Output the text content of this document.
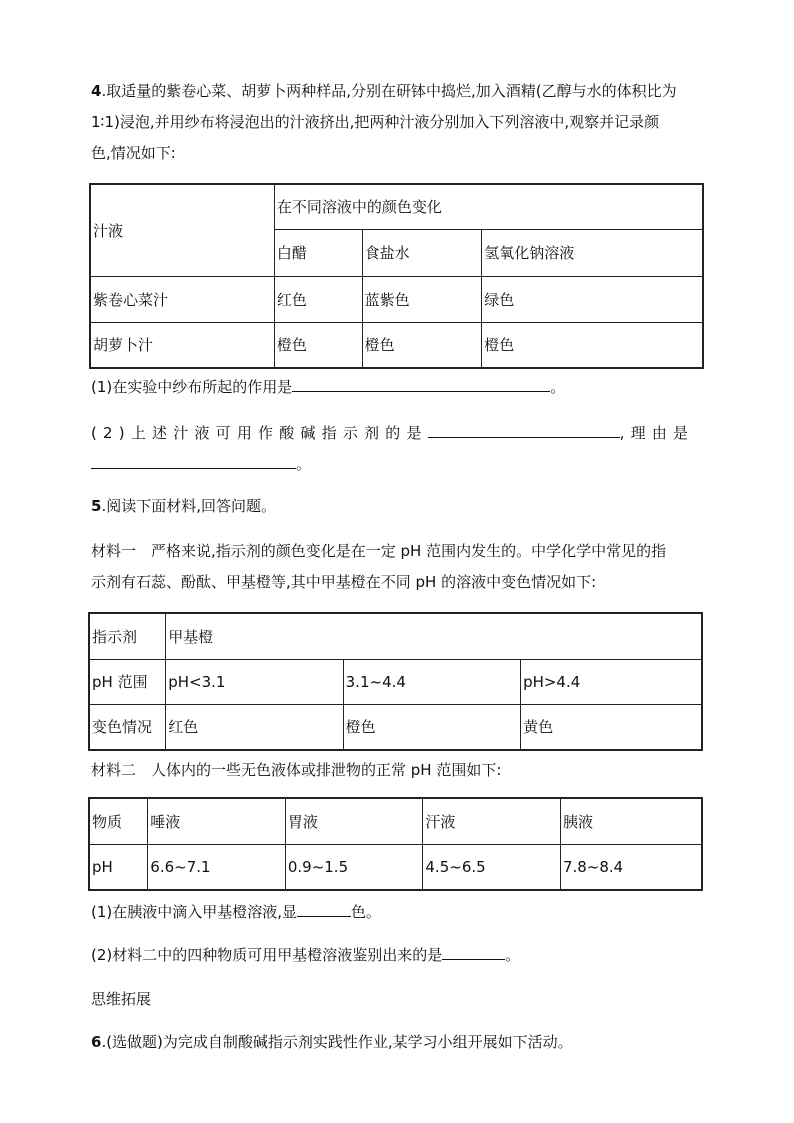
4.取适量的紫卷心菜、胡萝卜两种样品,分别在研钵中捣烂,加入酒精(乙醇与水的体积比为

1∶1)浸泡,并用纱布将浸泡出的汁液挤出,把两种汁液分别加入下列溶液中,观察并记录颜

色,情况如下:

汁液	在不同溶液中的颜色变化		
	白醋	食盐水	氢氧化钠溶液
紫卷心菜汁	红色	蓝紫色	绿色
胡萝卜汁	橙色	橙色	橙色

(1)在实验中纱布所起的作用是	。

(2)上述汁液可用作酸碱指示剂的是	,理由是

。

5.阅读下面材料,回答问题。

材料一　严格来说,指示剂的颜色变化是在一定 pH 范围内发生的。中学化学中常见的指

示剂有石蕊、酚酞、甲基橙等,其中甲基橙在不同 pH 的溶液中变色情况如下:

指示剂	甲基橙		
pH 范围	pH<3.1	3.1~4.4	pH>4.4
变色情况	红色	橙色	黄色

材料二　人体内的一些无色液体或排泄物的正常 pH 范围如下:

物质	唾液	胃液	汗液	胰液
pH	6.6~7.1	0.9~1.5	4.5~6.5	7.8~8.4

(1)在胰液中滴入甲基橙溶液,显	色。

(2)材料二中的四种物质可用甲基橙溶液鉴别出来的是	。

思维拓展

6.(选做题)为完成自制酸碱指示剂实践性作业,某学习小组开展如下活动。
